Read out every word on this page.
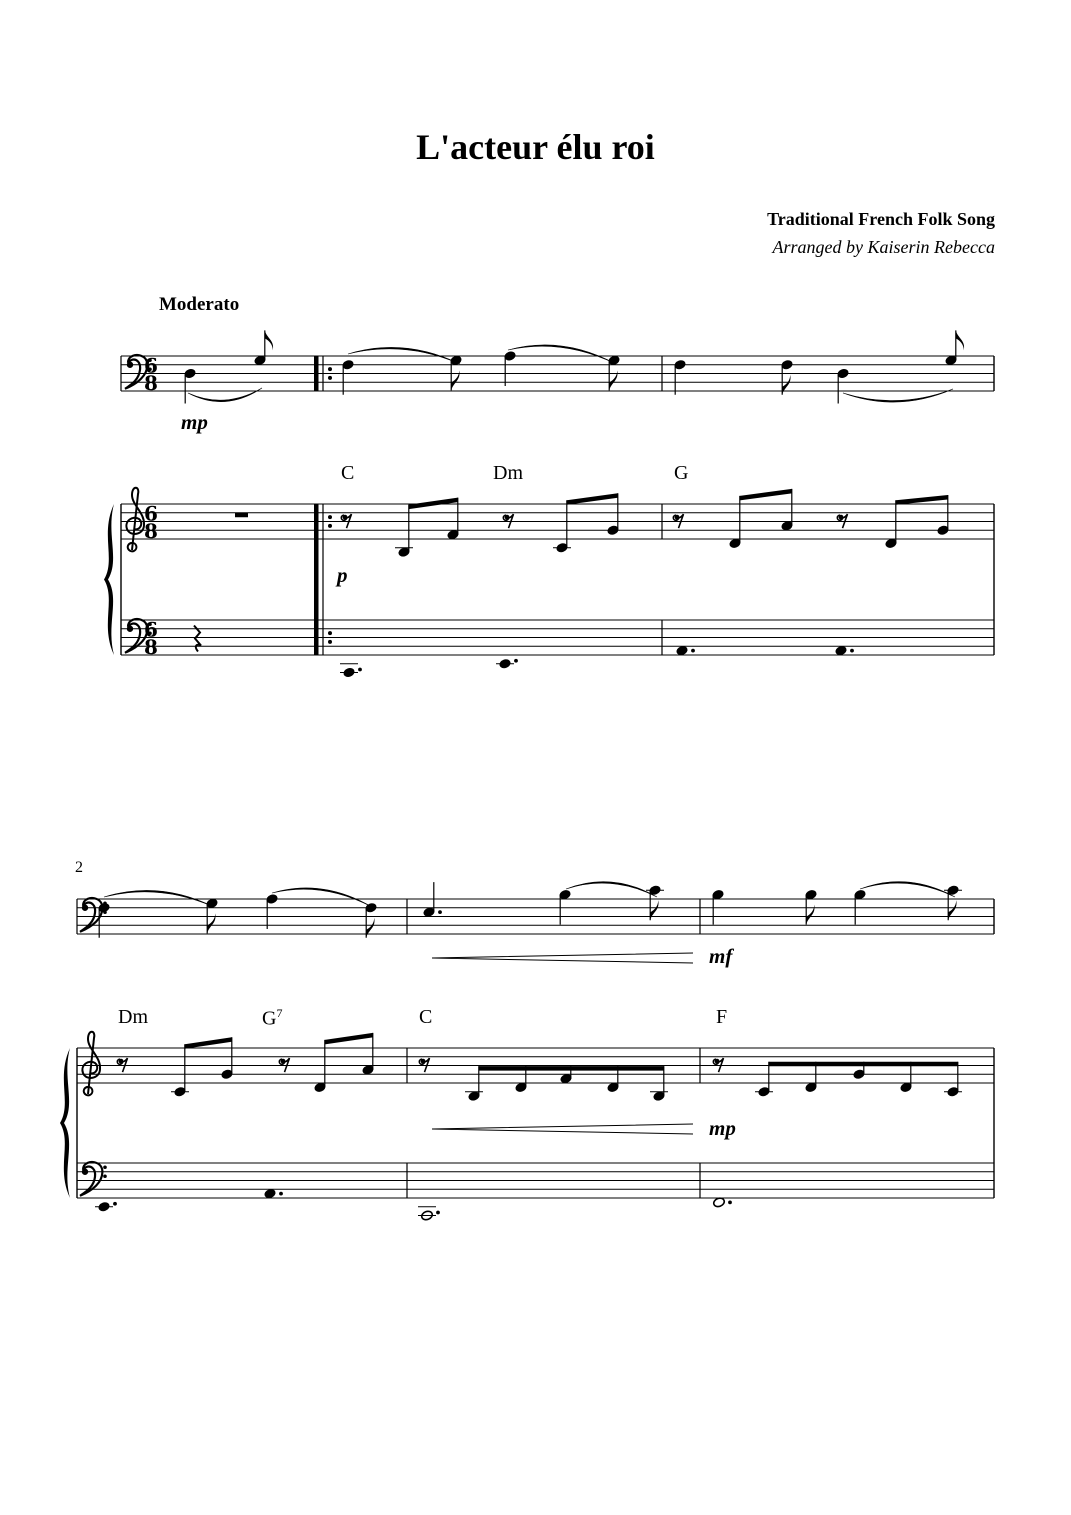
L'acteur élu roi
Traditional French Folk Song
Arranged by Kaiserin Rebecca
Moderato
2
C	Dm	G
Dm	$G^7$	C	F
mp
p
mf
mp
6
8
6
8
6
8
